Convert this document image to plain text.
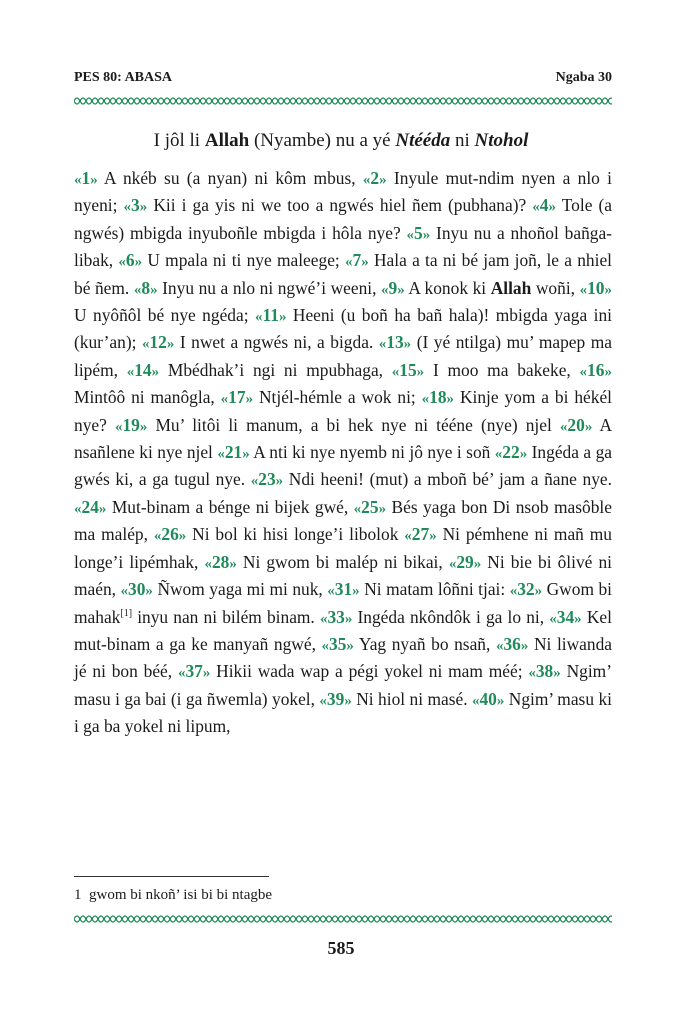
PES 80: ABASA	Ngaba 30
I jôl li Allah (Nyambe) nu a yé Ntééda ni Ntohol
«1» A nkéb su (a nyan) ni kôm mbus, «2» Inyule mut-ndim nyen a nlo i nyeni; «3» Kii i ga yis ni we too a ngwés hiel ñem (pubhana)? «4» Tole (a ngwés) mbigda inyuboñle mbigda i hôla nye? «5» Inyu nu a nhoñol bañga-libak, «6» U mpala ni ti nye maleege; «7» Hala a ta ni bé jam joñ, le a nhiel bé ñem. «8» Inyu nu a nlo ni ngwé’i weeni, «9» A konok ki Allah woñi, «10» U nyôñôl bé nye ngéda; «11» Heeni (u boñ ha bañ hala)! mbigda yaga ini (kur’an); «12» I nwet a ngwés ni, a bigda. «13» (I yé ntilga) mu’ mapep ma lipém, «14» Mbédhak’i ngi ni mpubhaga, «15» I moo ma bakeke, «16» Mintôô ni manôgla, «17» Ntjél-hémle a wok ni; «18» Kinje yom a bi hékél nye? «19» Mu’ litôi li manum, a bi hek nye ni tééne (nye) njel «20» A nsañlene ki nye njel «21» A nti ki nye nyemb ni jô nye i soñ «22» Ingéda a ga gwés ki, a ga tugul nye. «23» Ndi heeni! (mut) a mboñ bé’ jam a ñane nye. «24» Mut-binam a bénge ni bijek gwé, «25» Bés yaga bon Di nsob masôble ma malép, «26» Ni bol ki hisi longe’i libolok «27» Ni pémhene ni mañ mu longe’i lipémhak, «28» Ni gwom bi malép ni bikai, «29» Ni bie bi ôlivé ni maén, «30» Ñwom yaga mi mi nuk, «31» Ni matam lôñni tjai: «32» Gwom bi mahak[1] inyu nan ni bilém binam. «33» Ingéda nkôndôk i ga lo ni, «34» Kel mut-binam a ga ke manyañ ngwé, «35» Yag nyañ bo nsañ, «36» Ni liwanda jé ni bon béé, «37» Hikii wada wap a pégi yokel ni mam méé; «38» Ngim’ masu i ga bai (i ga ñwemla) yokel, «39» Ni hiol ni masé. «40» Ngim’ masu ki i ga ba yokel ni lipum,
1 gwom bi nkoñ’ isi bi bi ntagbe
585
